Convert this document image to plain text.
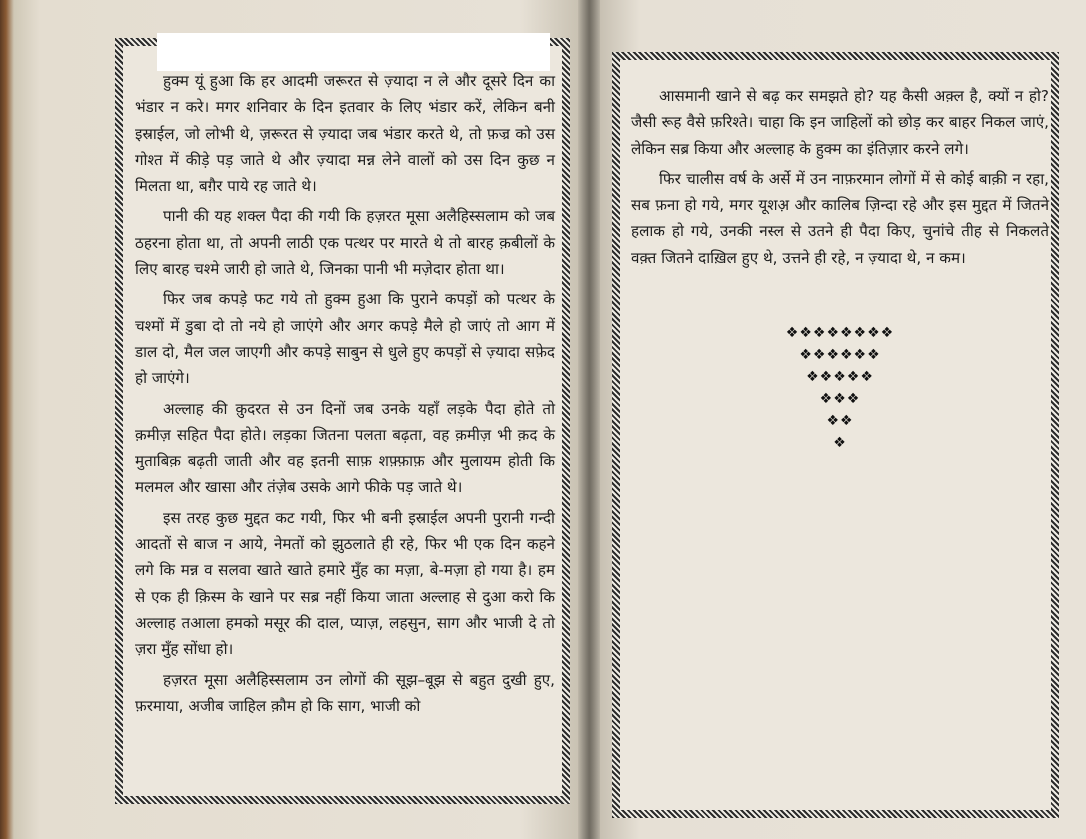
हुक्म यूं हुआ कि हर आदमी जरूरत से ज़्यादा न ले और दूसरे दिन का भंडार न करे। मगर शनिवार के दिन इतवार के लिए भंडार करें, लेकिन बनी इस्राईल, जो लोभी थे, ज़रूरत से ज़्यादा जब भंडार करते थे, तो फ़ज्र को उस गोश्त में कीड़े पड़ जाते थे और ज़्यादा मन्न लेने वालों को उस दिन कुछ न मिलता था, बग़ैर पाये रह जाते थे।

पानी की यह शक्ल पैदा की गयी कि हज़रत मूसा अलैहिस्सलाम को जब ठहरना होता था, तो अपनी लाठी एक पत्थर पर मारते थे तो बारह क़बीलों के लिए बारह चश्मे जारी हो जाते थे, जिनका पानी भी मज़ेदार होता था।

फिर जब कपड़े फट गये तो हुक्म हुआ कि पुराने कपड़ों को पत्थर के चश्मों में डुबा दो तो नये हो जाएंगे और अगर कपड़े मैले हो जाएं तो आग में डाल दो, मैल जल जाएगी और कपड़े साबुन से धुले हुए कपड़ों से ज़्यादा सफ़ेद हो जाएंगे।

अल्लाह की क़ुदरत से उन दिनों जब उनके यहाँ लड़के पैदा होते तो क़मीज़ सहित पैदा होते। लड़का जितना पलता बढ़ता, वह क़मीज़ भी क़द के मुताबिक़ बढ़ती जाती और वह इतनी साफ़ शफ़्फ़ाफ़ और मुलायम होती कि मलमल और खासा और तंज़ेब उसके आगे फीके पड़ जाते थे।

इस तरह कुछ मुद्दत कट गयी, फिर भी बनी इस्राईल अपनी पुरानी गन्दी आदतों से बाज न आये, नेमतों को झुठलाते ही रहे, फिर भी एक दिन कहने लगे कि मन्न व सलवा खाते खाते हमारे मुँह का मज़ा, बे-मज़ा हो गया है। हम से एक ही क़िस्म के खाने पर सब्र नहीं किया जाता अल्लाह से दुआ करो कि अल्लाह तआला हमको मसूर की दाल, प्याज़, लहसुन, साग और भाजी दे तो ज़रा मुँह सोंधा हो।

हज़रत मूसा अलैहिस्सलाम उन लोगों की सूझ–बूझ से बहुत दुखी हुए, फ़रमाया, अजीब जाहिल क़ौम हो कि साग, भाजी को

आसमानी खाने से बढ़ कर समझते हो? यह कैसी अक़्ल है, क्यों न हो? जैसी रूह वैसे फ़रिश्ते। चाहा कि इन जाहिलों को छोड़ कर बाहर निकल जाएं, लेकिन सब्र किया और अल्लाह के हुक्म का इंतिज़ार करने लगे।

फिर चालीस वर्ष के अर्से में उन नाफ़रमान लोगों में से कोई बाक़ी न रहा, सब फ़ना हो गये, मगर यूशअ़ और कालिब ज़िन्दा रहे और इस मुद्दत में जितने हलाक हो गये, उनकी नस्ल से उतने ही पैदा किए, चुनांचे तीह से निकलते वक़्त जितने दाख़िल हुए थे, उत्तने ही रहे, न ज़्यादा थे, न कम।

❖❖❖❖❖❖❖❖
❖❖❖❖❖❖
❖❖❖❖❖
❖❖❖
❖❖
❖
